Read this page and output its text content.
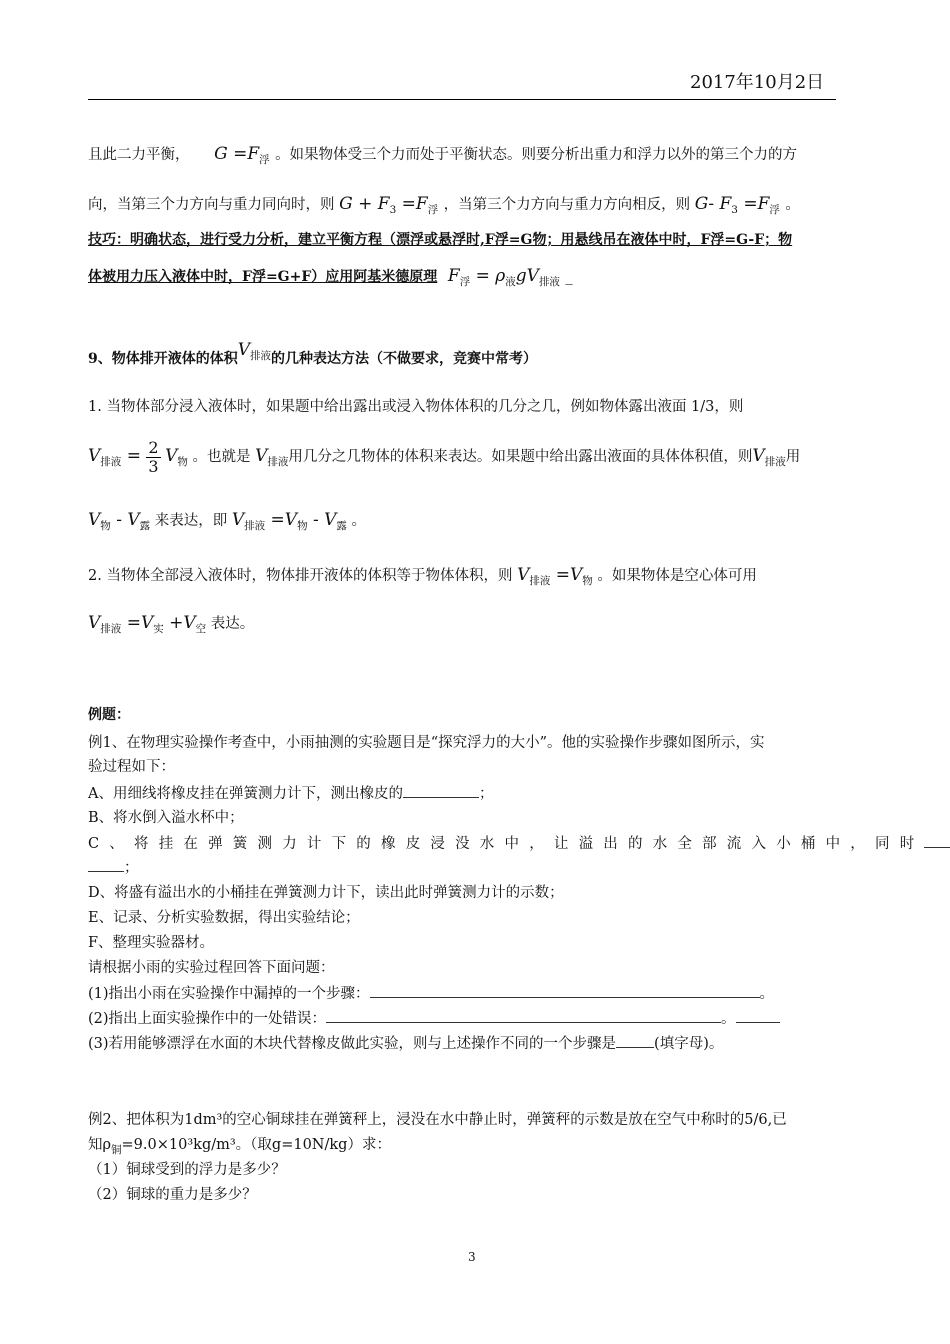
2017年10月2日
且此二力平衡， $G =F_浮$ 。如果物体受三个力而处于平衡状态。则要分析出重力和浮力以外的第三个力的方
向，当第三个力方向与重力同向时，则 $G + F_3 =F_浮$ ，当第三个力方向与重力方向相反，则 G- $F_3 =F_浮$ 。
技巧：明确状态，进行受力分析，建立平衡方程（漂浮或悬浮时,F浮=G物；用悬线吊在液体中时，F浮=G-F；物
体被用力压入液体中时，F浮=G+F）应用阿基米德原理 $F_浮 = \rho_液gV_{排液}$ _
9、物体排开液体的体积$V_{排液}$的几种表达方法（不做要求，竞赛中常考）
1. 当物体部分浸入液体时，如果题中给出露出或浸入物体体积的几分之几，例如物体露出液面 1/3，则
$V_{排液} = \frac{2}{3} V_物$ 。也就是 $V_{排液}$用几分之几物体的体积来表达。如果题中给出露出液面的具体体积值，则$V_{排液}$用
$V_物 - V_露$ 来表达，即 $V_{排液} =V_物 - V_露$ 。
2. 当物体全部浸入液体时，物体排开液体的体积等于物体体积，则 $V_{排液} =V_物$ 。如果物体是空心体可用
$V_{排液} =V_实 +V_空$ 表达。
例题：
例1、在物理实验操作考查中，小雨抽测的实验题目是“探究浮力的大小”。他的实验操作步骤如图所示，实
验过程如下：
A、用细线将橡皮挂在弹簧测力计下，测出橡皮的	；
B、将水倒入溢水杯中；
C、将挂在弹簧测力计下的橡皮浸没水中，让溢出的水全部流入小桶中，同时
；
D、将盛有溢出水的小桶挂在弹簧测力计下，读出此时弹簧测力计的示数；
E、记录、分析实验数据，得出实验结论；
F、整理实验器材。
请根据小雨的实验过程回答下面问题：
(1)指出小雨在实验操作中漏掉的一个步骤：	。
(2)指出上面实验操作中的一处错误：	。
(3)若用能够漂浮在水面的木块代替橡皮做此实验，则与上述操作不同的一个步骤是	(填字母)。
例2、把体积为1dm³的空心铜球挂在弹簧秤上，浸没在水中静止时，弹簧秤的示数是放在空气中称时的5/6,已
知$\rho_铜=9.0\times 10^3kg/m^3$。（取g=10N/kg）求：
（1）铜球受到的浮力是多少？
（2）铜球的重力是多少？
3
